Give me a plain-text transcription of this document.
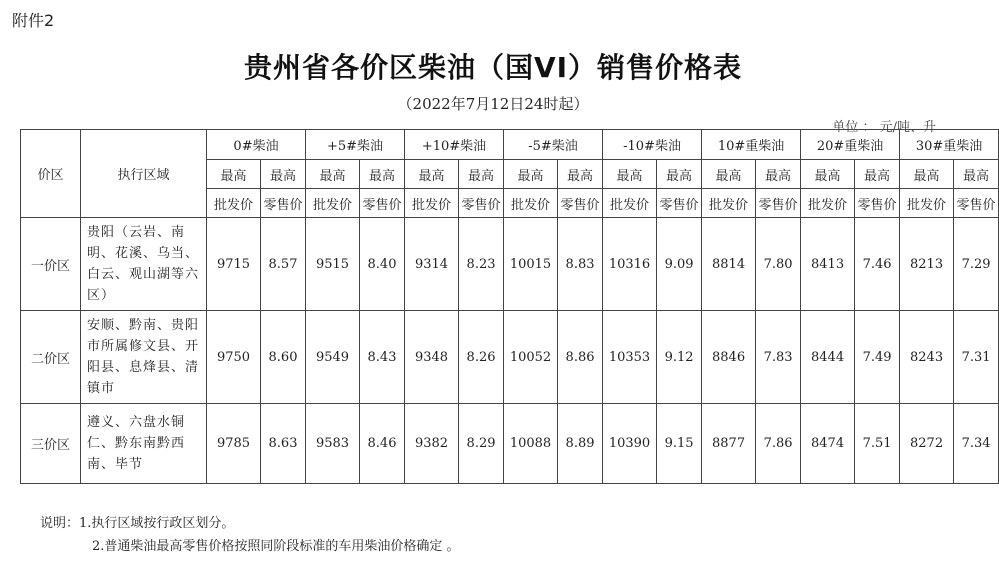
附件2
贵州省各价区柴油（国VI）销售价格表
（2022年7月12日24时起）
单位 ： 元/吨、升
价区	执行区域	0#柴油		+5#柴油		+10#柴油		-5#柴油		-10#柴油		10#重柴油		20#重柴油		30#重柴油	
		最高	最高	最高	最高	最高	最高	最高	最高	最高	最高	最高	最高	最高	最高	最高	最高
		批发价	零售价	批发价	零售价	批发价	零售价	批发价	零售价	批发价	零售价	批发价	零售价	批发价	零售价	批发价	零售价
一价区	贵阳（云岩、南明、花溪、乌当、白云、观山湖等六区）	9715	8.57	9515	8.40	9314	8.23	10015	8.83	10316	9.09	8814	7.80	8413	7.46	8213	7.29
二价区	安顺、黔南、贵阳市所属修文县、开阳县、息烽县、清镇市	9750	8.60	9549	8.43	9348	8.26	10052	8.86	10353	9.12	8846	7.83	8444	7.49	8243	7.31
三价区	遵义、六盘水铜仁、黔东南黔西南、毕节	9785	8.63	9583	8.46	9382	8.29	10088	8.89	10390	9.15	8877	7.86	8474	7.51	8272	7.34
说明：1.执行区域按行政区划分。
2.普通柴油最高零售价格按照同阶段标准的车用柴油价格确定 。
